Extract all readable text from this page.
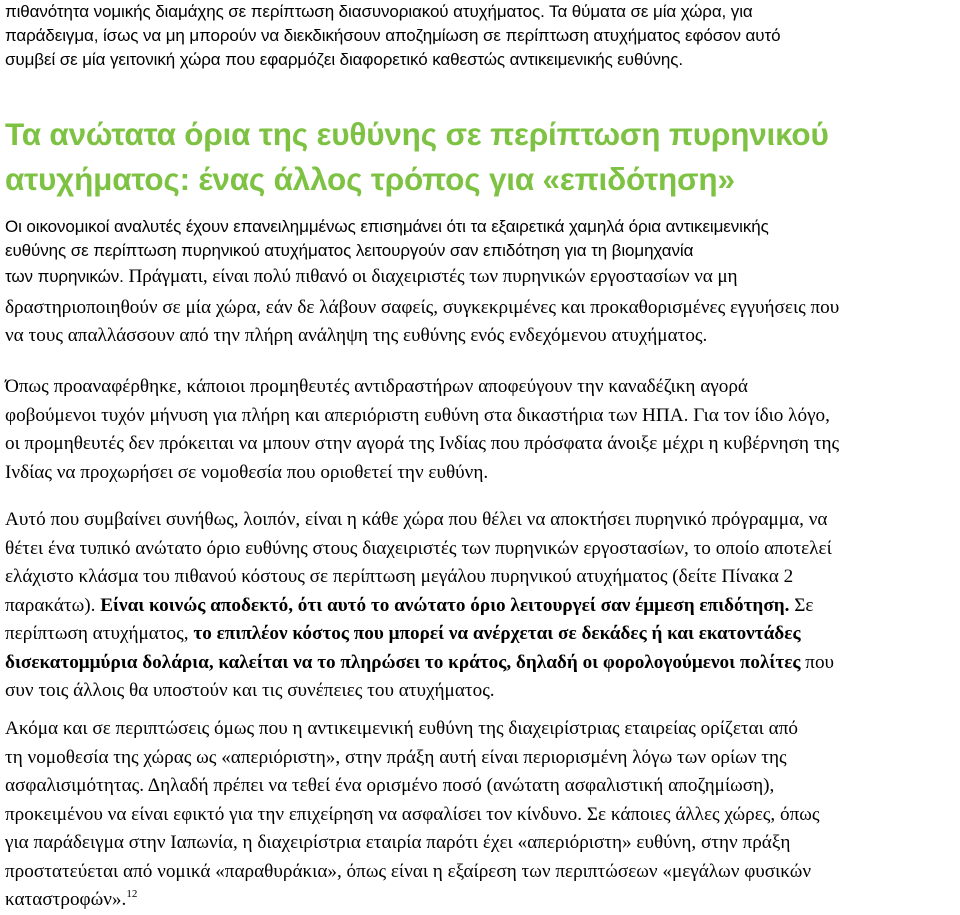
πιθανότητα νομικής διαμάχης σε περίπτωση διασυνοριακού ατυχήματος. Τα θύματα σε μία χώρα, για
παράδειγμα, ίσως να μη μπορούν να διεκδικήσουν αποζημίωση σε περίπτωση ατυχήματος εφόσον αυτό
συμβεί σε μία γειτονική χώρα που εφαρμόζει διαφορετικό καθεστώς αντικειμενικής ευθύνης.
Τα ανώτατα όρια της ευθύνης σε περίπτωση πυρηνικού
ατυχήματος: ένας άλλος τρόπος για «επιδότηση»
Οι οικονομικοί αναλυτές έχουν επανειλημμένως επισημάνει ότι τα εξαιρετικά χαμηλά όρια αντικειμενικής
ευθύνης σε περίπτωση πυρηνικού ατυχήματος λειτουργούν σαν επιδότηση για τη βιομηχανία
των πυρηνικών. Πράγματι, είναι πολύ πιθανό οι διαχειριστές των πυρηνικών εργοστασίων να μη
δραστηριοποιηθούν σε μία χώρα, εάν δε λάβουν σαφείς, συγκεκριμένες και προκαθορισμένες εγγυήσεις που
να τους απαλλάσσουν από την πλήρη ανάληψη της ευθύνης ενός ενδεχόμενου ατυχήματος.
Όπως προαναφέρθηκε, κάποιοι προμηθευτές αντιδραστήρων αποφεύγουν την καναδέζικη αγορά
φοβούμενοι τυχόν μήνυση για πλήρη και απεριόριστη ευθύνη στα δικαστήρια των ΗΠΑ. Για τον ίδιο λόγο,
οι προμηθευτές δεν πρόκειται να μπουν στην αγορά της Ινδίας που πρόσφατα άνοιξε μέχρι η κυβέρνηση της
Ινδίας να προχωρήσει σε νομοθεσία που οριοθετεί την ευθύνη.
Αυτό που συμβαίνει συνήθως, λοιπόν, είναι η κάθε χώρα που θέλει να αποκτήσει πυρηνικό πρόγραμμα, να
θέτει ένα τυπικό ανώτατο όριο ευθύνης στους διαχειριστές των πυρηνικών εργοστασίων, το οποίο αποτελεί
ελάχιστο κλάσμα του πιθανού κόστους σε περίπτωση μεγάλου πυρηνικού ατυχήματος (δείτε Πίνακα 2
παρακάτω). Είναι κοινώς αποδεκτό, ότι αυτό το ανώτατο όριο λειτουργεί σαν έμμεση επιδότηση. Σε
περίπτωση ατυχήματος, το επιπλέον κόστος που μπορεί να ανέρχεται σε δεκάδες ή και εκατοντάδες
δισεκατομμύρια δολάρια, καλείται να το πληρώσει το κράτος, δηλαδή οι φορολογούμενοι πολίτες που
συν τοις άλλοις θα υποστούν και τις συνέπειες του ατυχήματος.
Ακόμα και σε περιπτώσεις όμως που η αντικειμενική ευθύνη της διαχειρίστριας εταιρείας ορίζεται από
τη νομοθεσία της χώρας ως «απεριόριστη», στην πράξη αυτή είναι περιορισμένη λόγω των ορίων της
ασφαλισιμότητας. Δηλαδή πρέπει να τεθεί ένα ορισμένο ποσό (ανώτατη ασφαλιστική αποζημίωση),
προκειμένου να είναι εφικτό για την επιχείρηση να ασφαλίσει τον κίνδυνο. Σε κάποιες άλλες χώρες, όπως
για παράδειγμα στην Ιαπωνία, η διαχειρίστρια εταιρία παρότι έχει «απεριόριστη» ευθύνη, στην πράξη
προστατεύεται από νομικά «παραθυράκια», όπως είναι η εξαίρεση των περιπτώσεων «μεγάλων φυσικών
καταστροφών».$^{12}$
